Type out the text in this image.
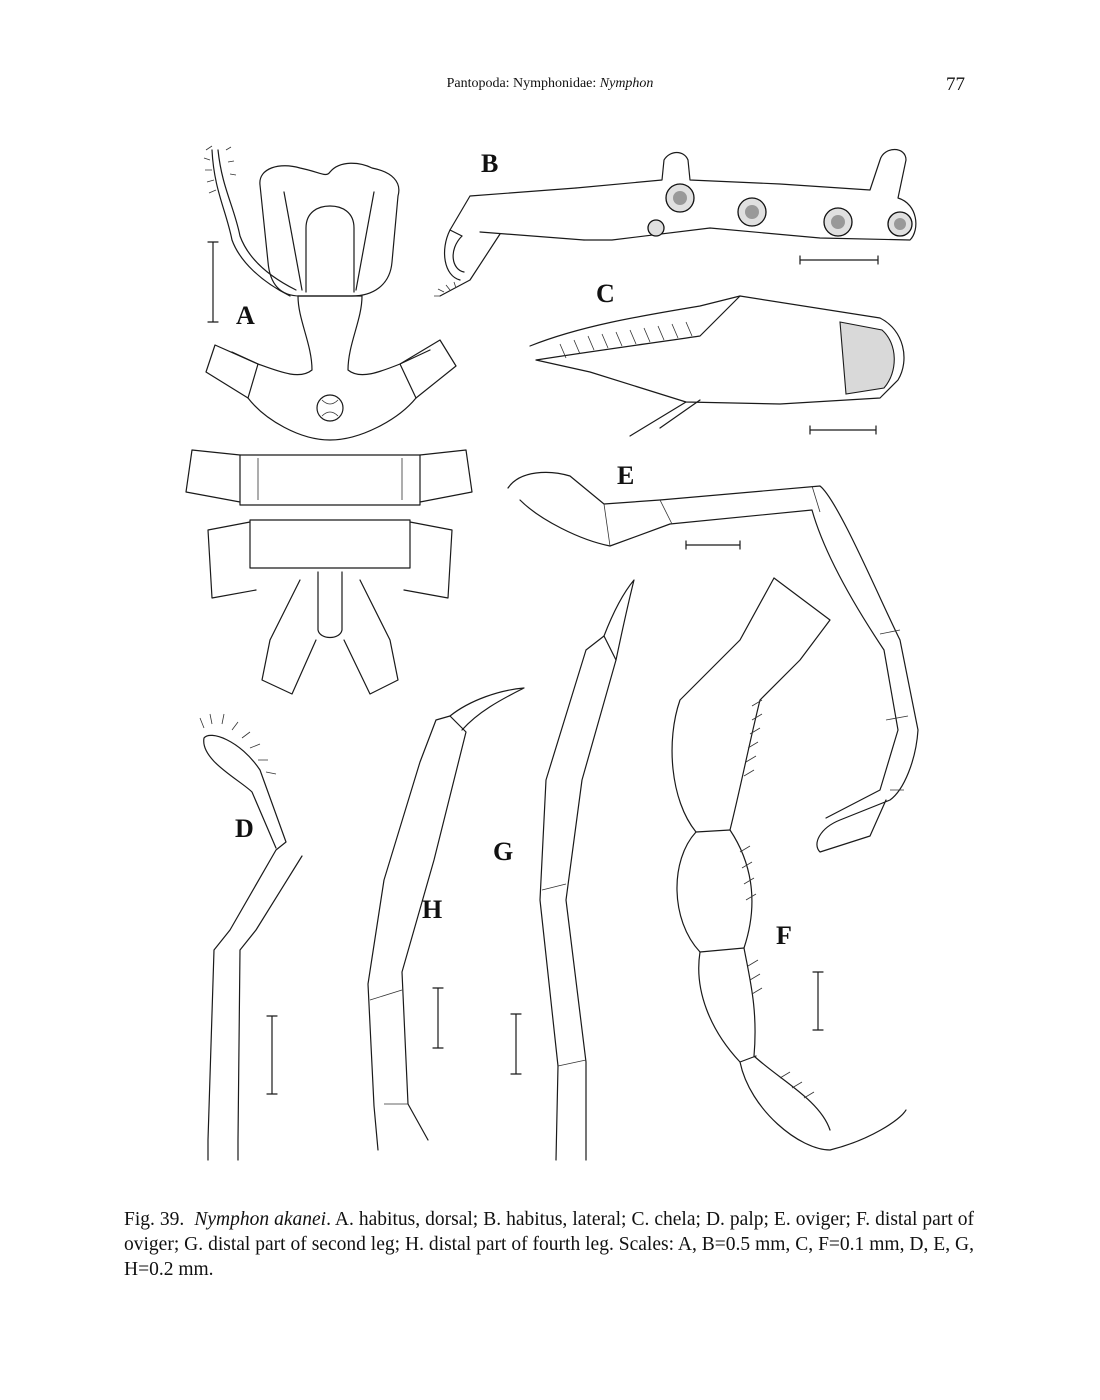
Pantopoda: Nymphonidae: Nymphon	77
A
B
C
E
D
H
G
F
Fig. 39. Nymphon akanei. A. habitus, dorsal; B. habitus, lateral; C. chela; D. palp; E. oviger; F. distal part of oviger; G. distal part of second leg; H. distal part of fourth leg. Scales: A, B=0.5 mm, C, F=0.1 mm, D, E, G, H=0.2 mm.
